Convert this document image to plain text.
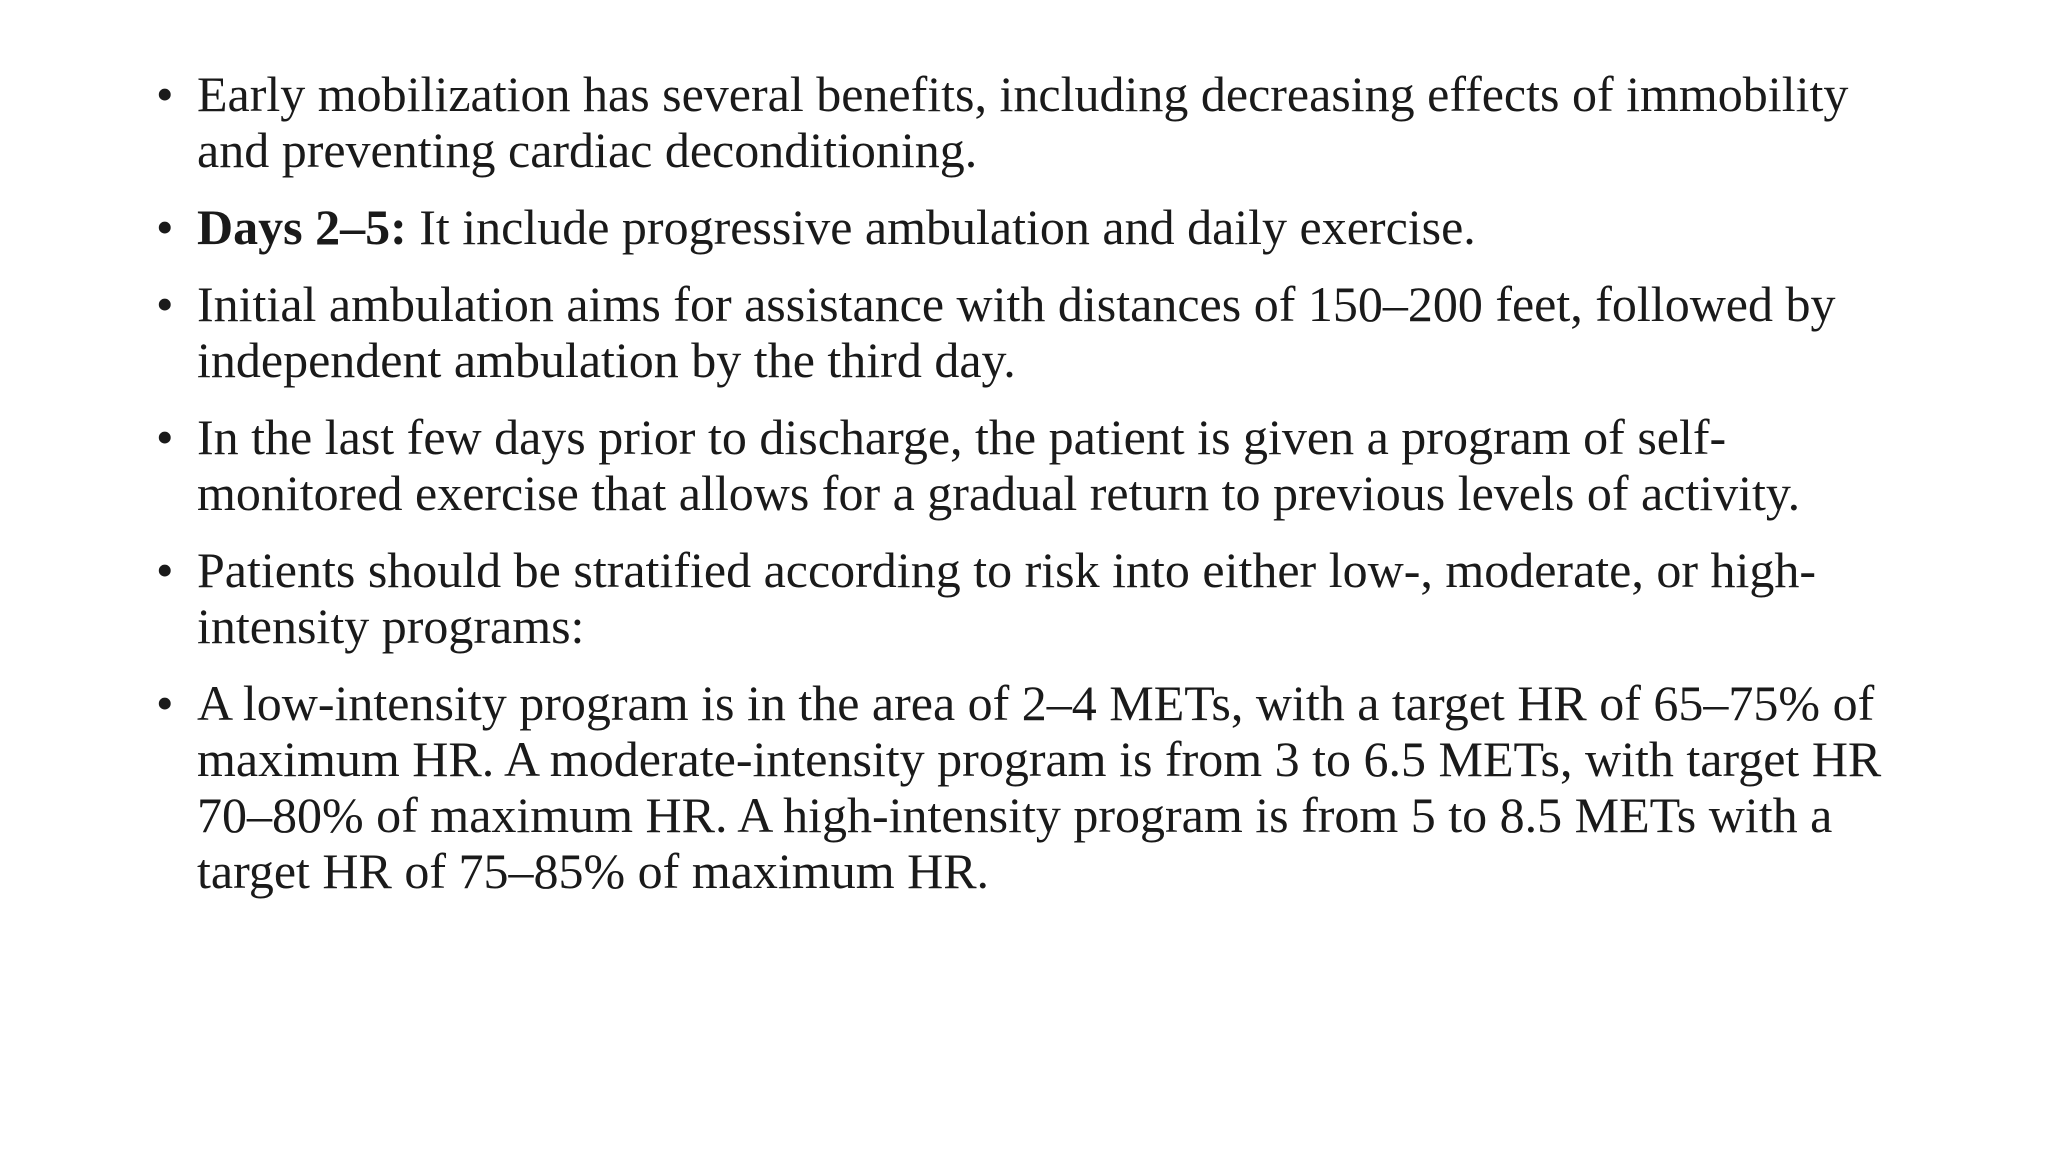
• Early mobilization has several benefits, including decreasing effects of immobility and preventing cardiac deconditioning.
• Days 2–5: It include progressive ambulation and daily exercise.
• Initial ambulation aims for assistance with distances of 150–200 feet, followed by independent ambulation by the third day.
• In the last few days prior to discharge, the patient is given a program of self-monitored exercise that allows for a gradual return to previous levels of activity.
• Patients should be stratified according to risk into either low-, moderate, or high-intensity programs:
• A low-intensity program is in the area of 2–4 METs, with a target HR of 65–75% of maximum HR. A moderate-intensity program is from 3 to 6.5 METs, with target HR 70–80% of maximum HR. A high-intensity program is from 5 to 8.5 METs with a target HR of 75–85% of maximum HR.
